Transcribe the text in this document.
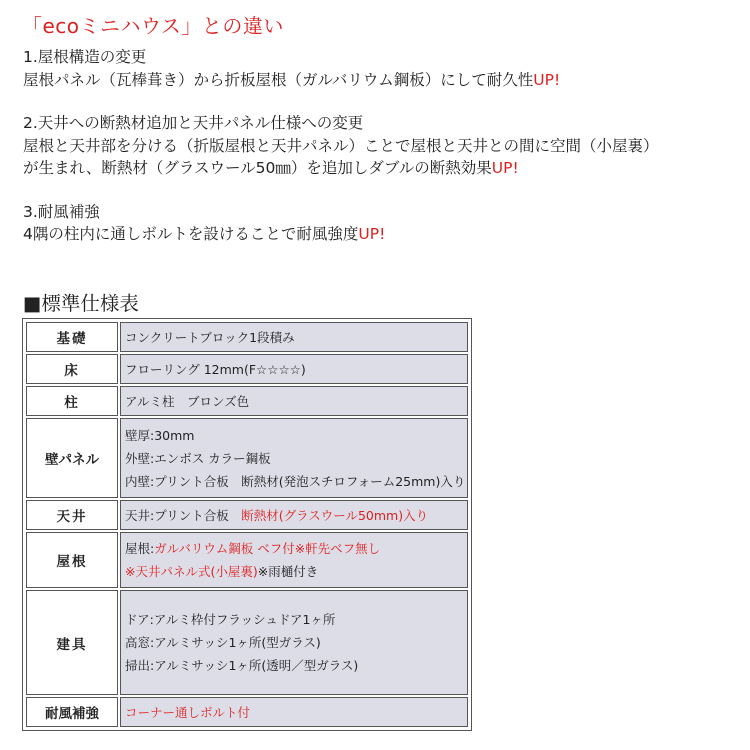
「ecoミニハウス」との違い

1.屋根構造の変更

屋根パネル（瓦棒葺き）から折板屋根（ガルバリウム鋼板）にして耐久性UP!

2.天井への断熱材追加と天井パネル仕様への変更

屋根と天井部を分ける（折版屋根と天井パネル）ことで屋根と天井との間に空間（小屋裏）

が生まれ、断熱材（グラスウール50㎜）を追加しダブルの断熱効果UP!

3.耐風補強

4隅の柱内に通しボルトを設けることで耐風強度UP!

■標準仕様表
基礎	コンクリートブロック1段積み

床	フローリング 12mm(F☆☆☆☆)

柱	アルミ柱　ブロンズ色

壁パネル	壁厚:30mm
外壁:エンボス カラー鋼板
内壁:プリント合板　断熱材(発泡スチロフォーム25mm)入り

天井	天井:プリント合板　断熱材(グラスウール50mm)入り

屋根	屋根:ガルバリウム鋼板 ベフ付※軒先ベフ無し
※天井パネル式(小屋裏)※雨樋付き

建具	ドア:アルミ枠付フラッシュドア1ヶ所
高窓:アルミサッシ1ヶ所(型ガラス)
掃出:アルミサッシ1ヶ所(透明／型ガラス)

耐風補強	コーナー通しボルト付
